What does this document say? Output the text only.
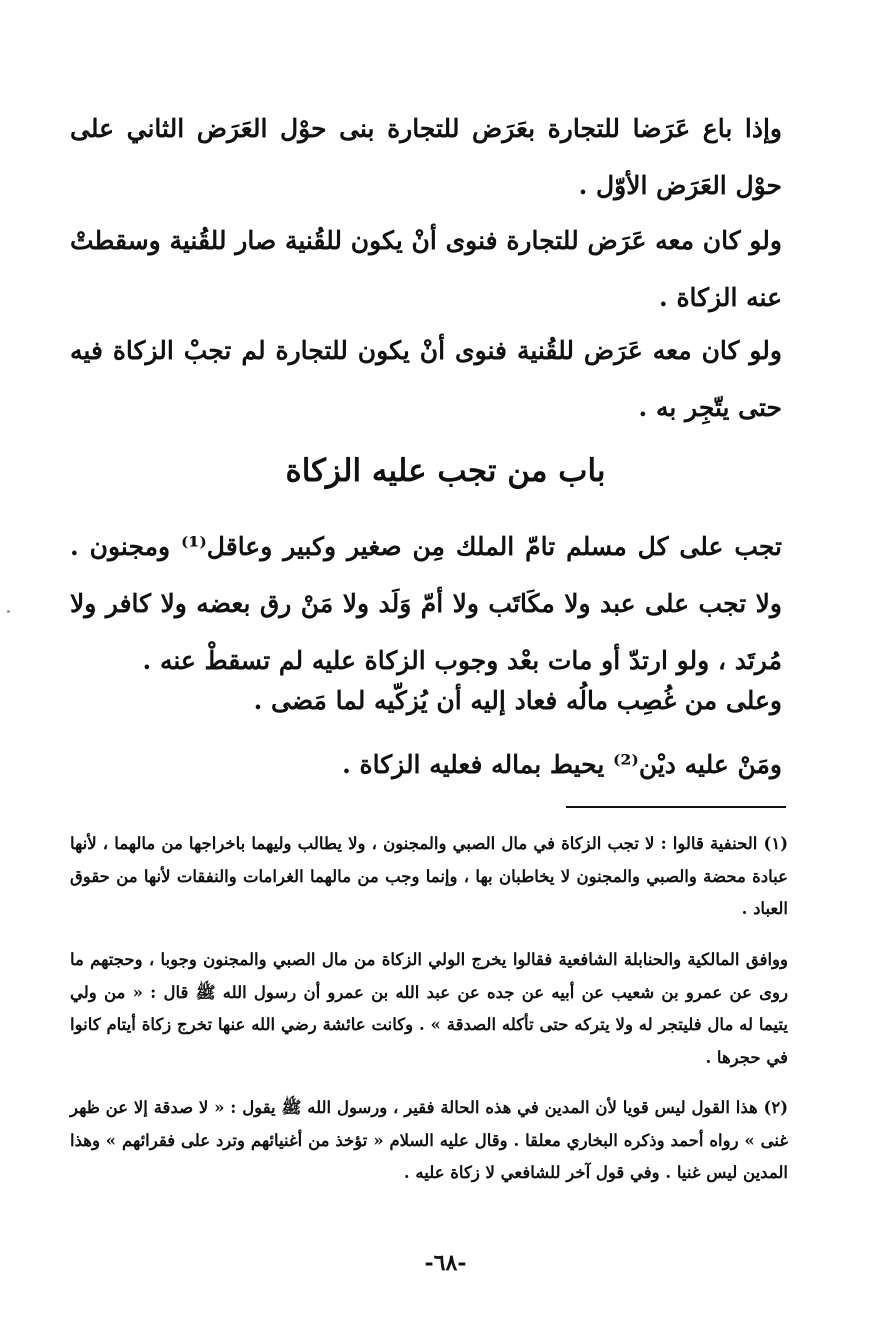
وإذا باع عَرَضا للتجارة بعَرَض للتجارة بنى حوْل العَرَض الثاني على حوْل العَرَض الأوّل .

ولو كان معه عَرَض للتجارة فنوى أنْ يكون للقُنية صار للقُنية وسقطتْ عنه الزكاة .

ولو كان معه عَرَض للقُنية فنوى أنْ يكون للتجارة لم تجبْ الزكاة فيه حتى يتّجِر به .

باب من تجب عليه الزكاة

تجب على كل مسلم تامّ الملك مِن صغير وكبير وعاقل⁽¹⁾ ومجنون . ولا تجب على عبد ولا مكَاتَب ولا أمّ وَلَد ولا مَنْ رق بعضه ولا كافر ولا مُرتَد ، ولو ارتدّ أو مات بعْد وجوب الزكاة عليه لم تسقطْ عنه .

وعلى من غُصِب مالُه فعاد إليه أن يُزكّيه لما مَضى .

ومَنْ عليه ديْن⁽²⁾ يحيط بماله فعليه الزكاة .

(١) الحنفية قالوا : لا تجب الزكاة في مال الصبي والمجنون ، ولا يطالب وليهما باخراجها من مالهما ، لأنها عبادة محضة والصبي والمجنون لا يخاطبان بها ، وإنما وجب من مالهما الغرامات والنفقات لأنها من حقوق العباد .

ووافق المالكية والحنابلة الشافعية فقالوا يخرج الولي الزكاة من مال الصبي والمجنون وجوبا ، وحجتهم ما روى عن عمرو بن شعيب عن أبيه عن جده عن عبد الله بن عمرو أن رسول الله ﷺ قال : « من ولي يتيما له مال فليتجر له ولا يتركه حتى تأكله الصدقة » . وكانت عائشة رضي الله عنها تخرج زكاة أيتام كانوا في حجرها .

(٢) هذا القول ليس قويا لأن المدين في هذه الحالة فقير ، ورسول الله ﷺ يقول : « لا صدقة إلا عن ظهر غنى » رواه أحمد وذكره البخاري معلقا . وقال عليه السلام « تؤخذ من أغنيائهم وترد على فقرائهم » وهذا المدين ليس غنيا . وفي قول آخر للشافعي لا زكاة عليه .

-٦٨-
